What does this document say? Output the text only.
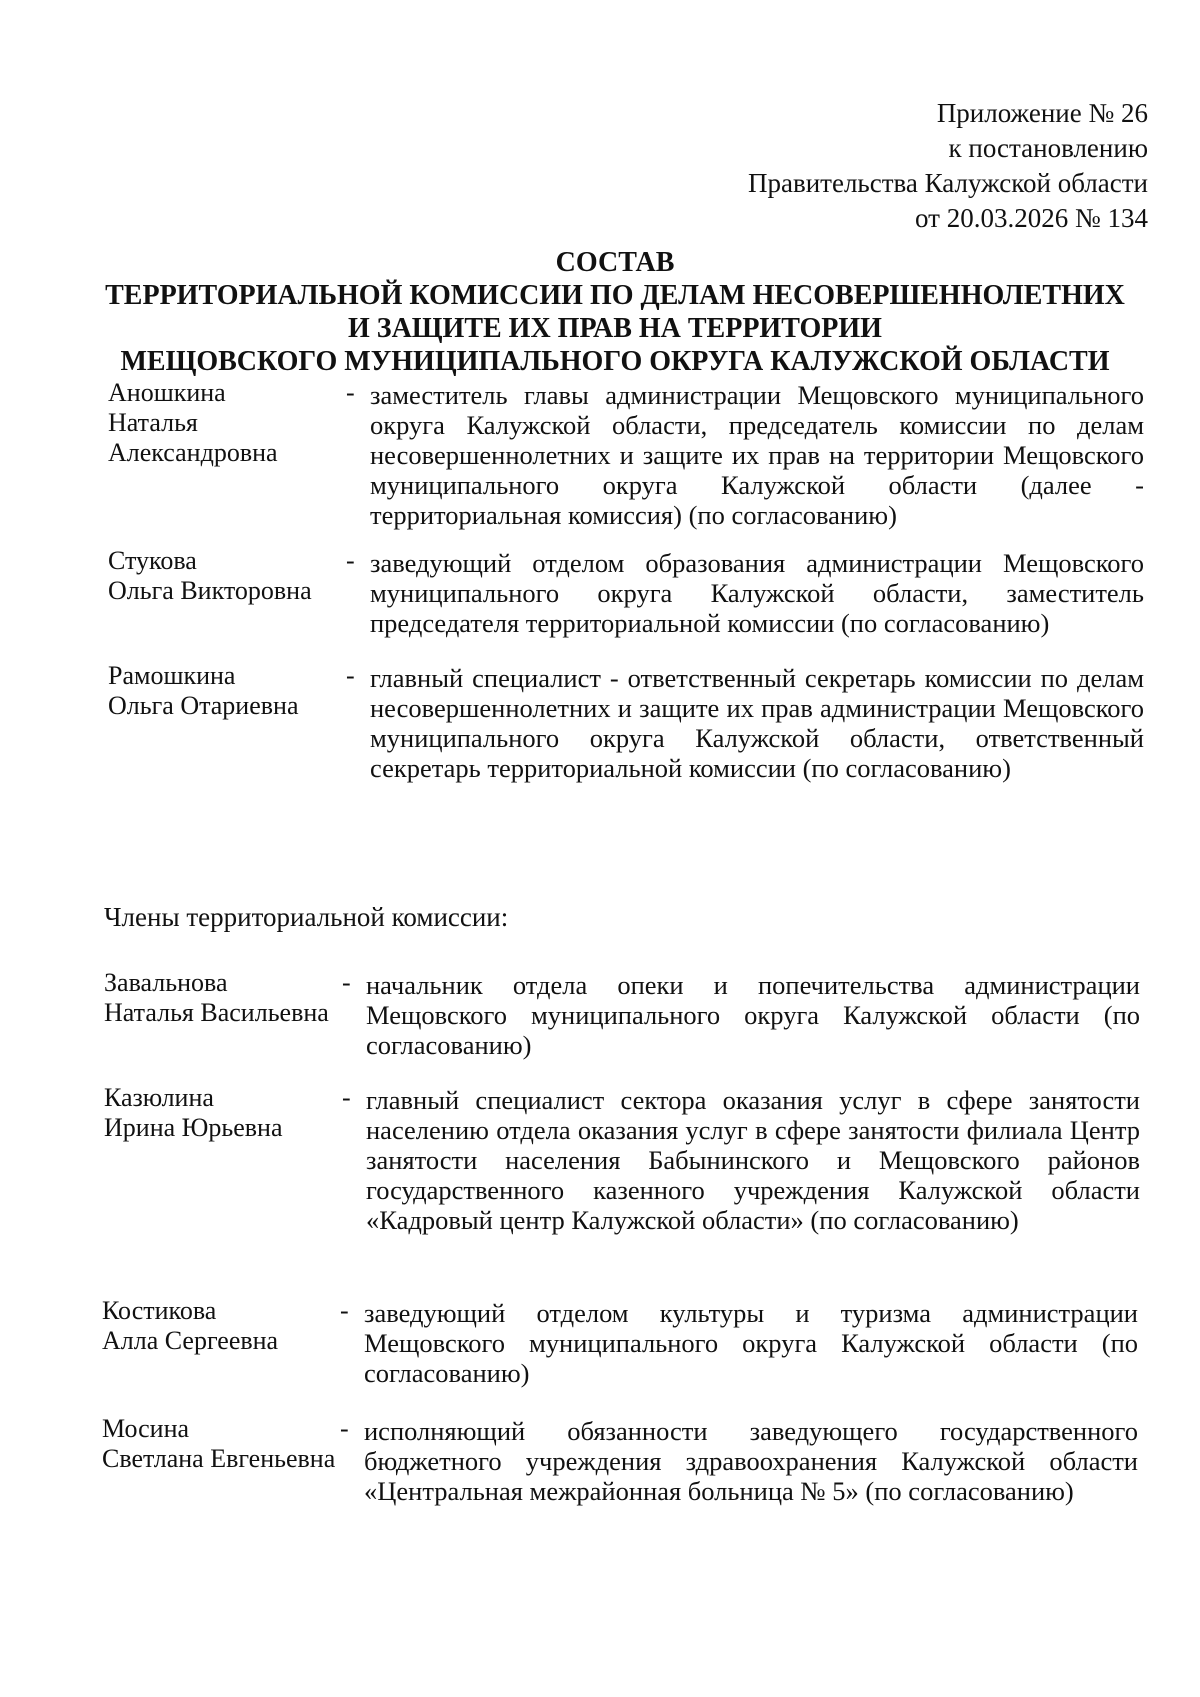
Приложение № 26
к постановлению
Правительства Калужской области
от 20.03.2026 № 134
СОСТАВ
ТЕРРИТОРИАЛЬНОЙ КОМИССИИ ПО ДЕЛАМ НЕСОВЕРШЕННОЛЕТНИХ
И ЗАЩИТЕ ИХ ПРАВ НА ТЕРРИТОРИИ
МЕЩОВСКОГО МУНИЦИПАЛЬНОГО ОКРУГА КАЛУЖСКОЙ ОБЛАСТИ
Аношкина
Наталья
Александровна
- заместитель главы администрации Мещовского муниципального округа Калужской области, председатель комиссии по делам несовершеннолетних и защите их прав на территории Мещовского муниципального округа Калужской области (далее - территориальная комиссия) (по согласованию)
Стукова
Ольга Викторовна
- заведующий отделом образования администрации Мещовского муниципального округа Калужской области, заместитель председателя территориальной комиссии (по согласованию)
Рамошкина
Ольга Отариевна
- главный специалист - ответственный секретарь комиссии по делам несовершеннолетних и защите их прав администрации Мещовского муниципального округа Калужской области, ответственный секретарь территориальной комиссии (по согласованию)
Члены территориальной комиссии:
Завальнова
Наталья Васильевна
- начальник отдела опеки и попечительства администрации Мещовского муниципального округа Калужской области (по согласованию)
Казюлина
Ирина Юрьевна
- главный специалист сектора оказания услуг в сфере занятости населению отдела оказания услуг в сфере занятости филиала Центр занятости населения Бабынинского и Мещовского районов государственного казенного учреждения Калужской области «Кадровый центр Калужской области» (по согласованию)
Костикова
Алла Сергеевна
- заведующий отделом культуры и туризма администрации Мещовского муниципального округа Калужской области (по согласованию)
Мосина
Светлана Евгеньевна
- исполняющий обязанности заведующего государственного бюджетного учреждения здравоохранения Калужской области «Центральная межрайонная больница № 5» (по согласованию)
